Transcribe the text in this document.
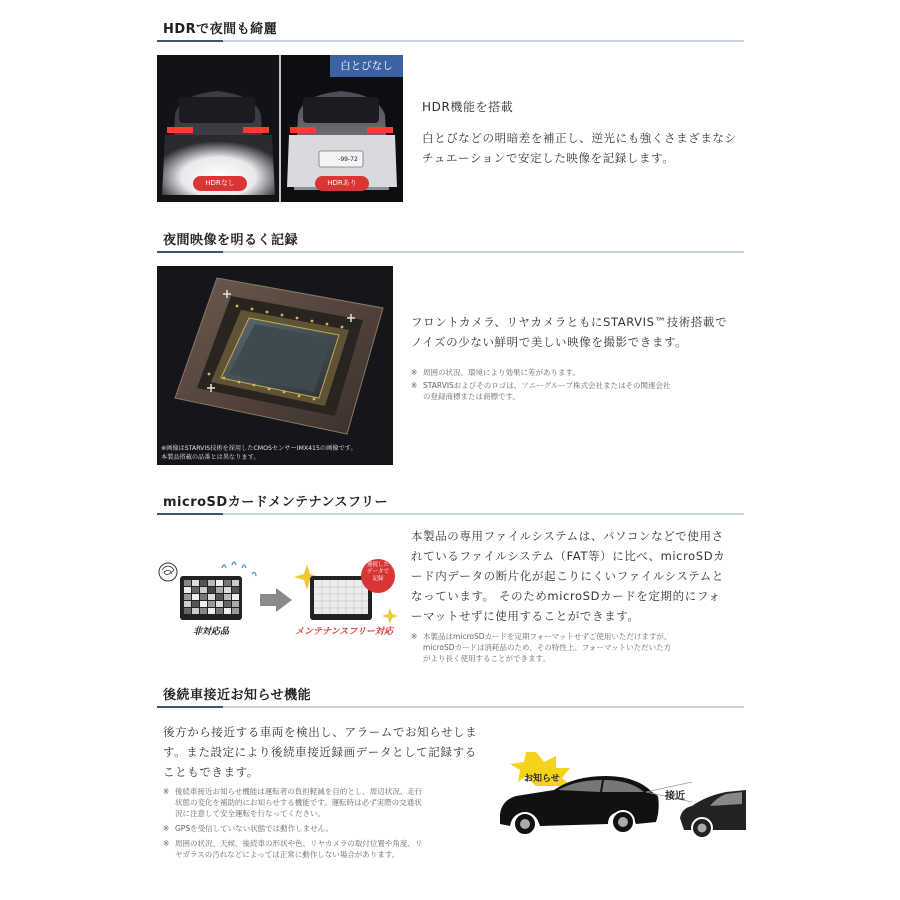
HDRで夜間も綺麗
-99-72
白とびなし
HDRなし	HDRあり
HDR機能を搭載
白とびなどの明暗差を補正し、逆光にも強くさまざまなシ
チュエーションで安定した映像を記録します。
夜間映像を明るく記録
※画像はSTARVIS技術を採用したCMOSセンサーIMX415の画像です。
本製品搭載の品番とは異なります。
フロントカメラ、リヤカメラともにSTARVIS™技術搭載で
ノイズの少ない鮮明で美しい映像を撮影できます。
※ 周囲の状況、環境により効果に差があります。
※ STARVISおよびそのロゴは、ソニーグループ株式会社またはその関連会社
の登録商標または商標です。
microSDカードメンテナンスフリー
連続した
データで
記録
非対応品	メンテナンスフリー対応
本製品の専用ファイルシステムは、パソコンなどで使用さ
れているファイルシステム（FAT等）に比べ、microSDカ
ード内データの断片化が起こりにくいファイルシステムと
なっています。 そのためmicroSDカードを定期的にフォ
ーマットせずに使用することができます。
※ 本製品はmicroSDカードを定期フォーマットせずご使用いただけますが、
microSDカードは消耗品のため、その特性上、フォーマットいただいた方
がより長く使用することができます。
後続車接近お知らせ機能
後方から接近する車両を検出し、アラームでお知らせしま
す。また設定により後続車接近録画データとして記録する
こともできます。
※ 後続車接近お知らせ機能は運転者の負担軽減を目的とし、周辺状況、走行
状態の変化を補助的にお知らせする機能です。運転時は必ず実際の交通状
況に注意して安全運転を行なってください。
※ GPSを受信していない状態では動作しません。
※ 周囲の状況、天候、後続車の形状や色、リヤカメラの取付位置や角度、リ
ヤガラスの汚れなどによっては正常に動作しない場合があります。
お知らせ
接近
